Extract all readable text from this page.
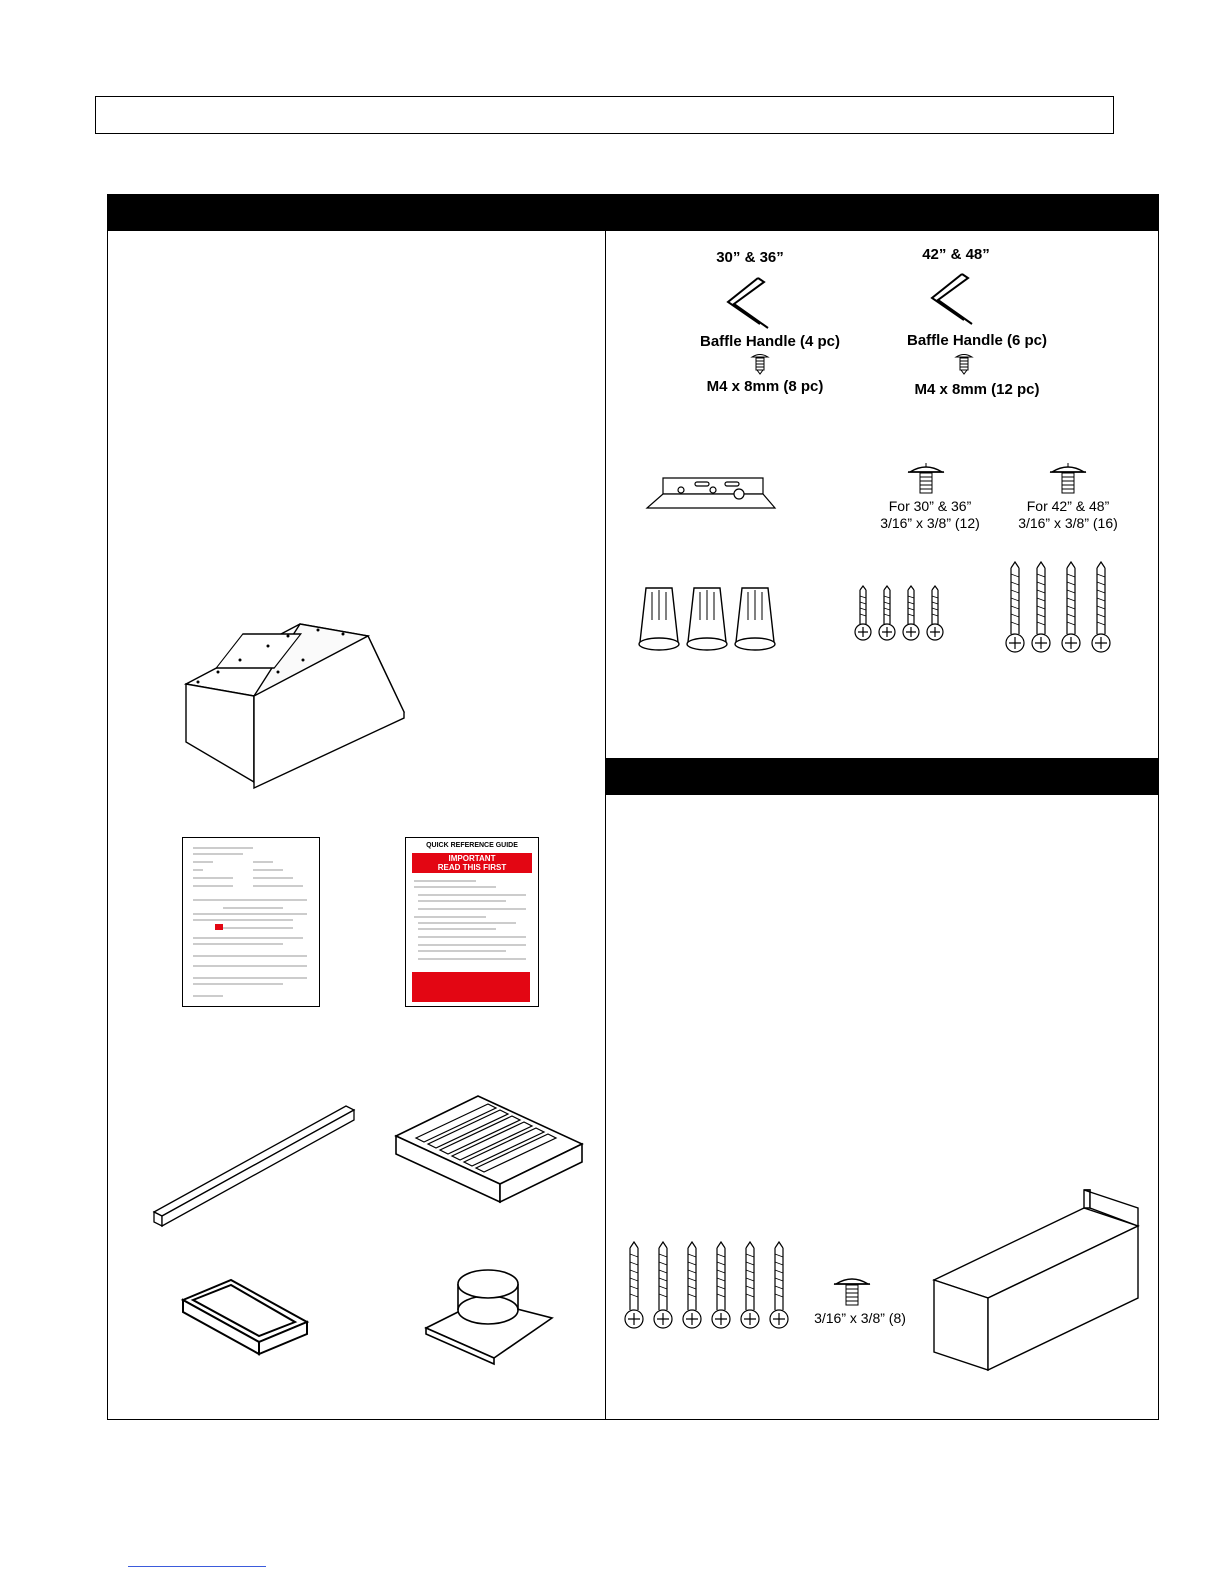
QUICK REFERENCE GUIDE
IMPORTANT
READ THIS FIRST
30” & 36”	42” & 48”
Baffle Handle (4 pc)	Baffle Handle (6 pc)
M4 x 8mm (8 pc)	M4 x 8mm (12 pc)
For 30” & 36”
3/16” x 3/8” (12)
For 42” & 48”
3/16” x 3/8” (16)
3/16” x 3/8” (8)
